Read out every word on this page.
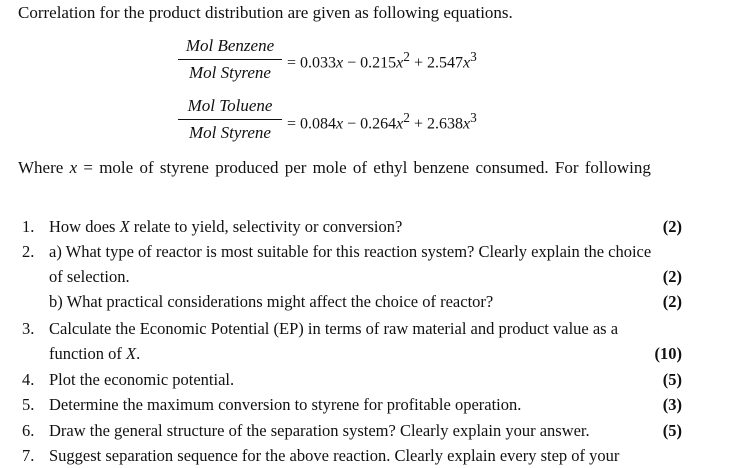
Correlation for the product distribution are given as following equations.
Mol Benzene
Mol Styrene
= $0.033x - 0.215x^2 + 2.547x^3$
Mol Toluene
Mol Styrene	= $0.084x - 0.264x^2 + 2.638x^3$
Where x = mole of styrene produced per mole of ethyl benzene consumed. For following
1. How does X relate to yield, selectivity or conversion?	(2)
2. a) What type of reactor is most suitable for this reaction system? Clearly explain the choice
of selection.	(2)
b) What practical considerations might affect the choice of reactor?	(2)
3. Calculate the Economic Potential (EP) in terms of raw material and product value as a
function of X.	(10)
4. Plot the economic potential.	(5)
5. Determine the maximum conversion to styrene for profitable operation.	(3)
6. Draw the general structure of the separation system? Clearly explain your answer.	(5)
7. Suggest separation sequence for the above reaction. Clearly explain every step of your
